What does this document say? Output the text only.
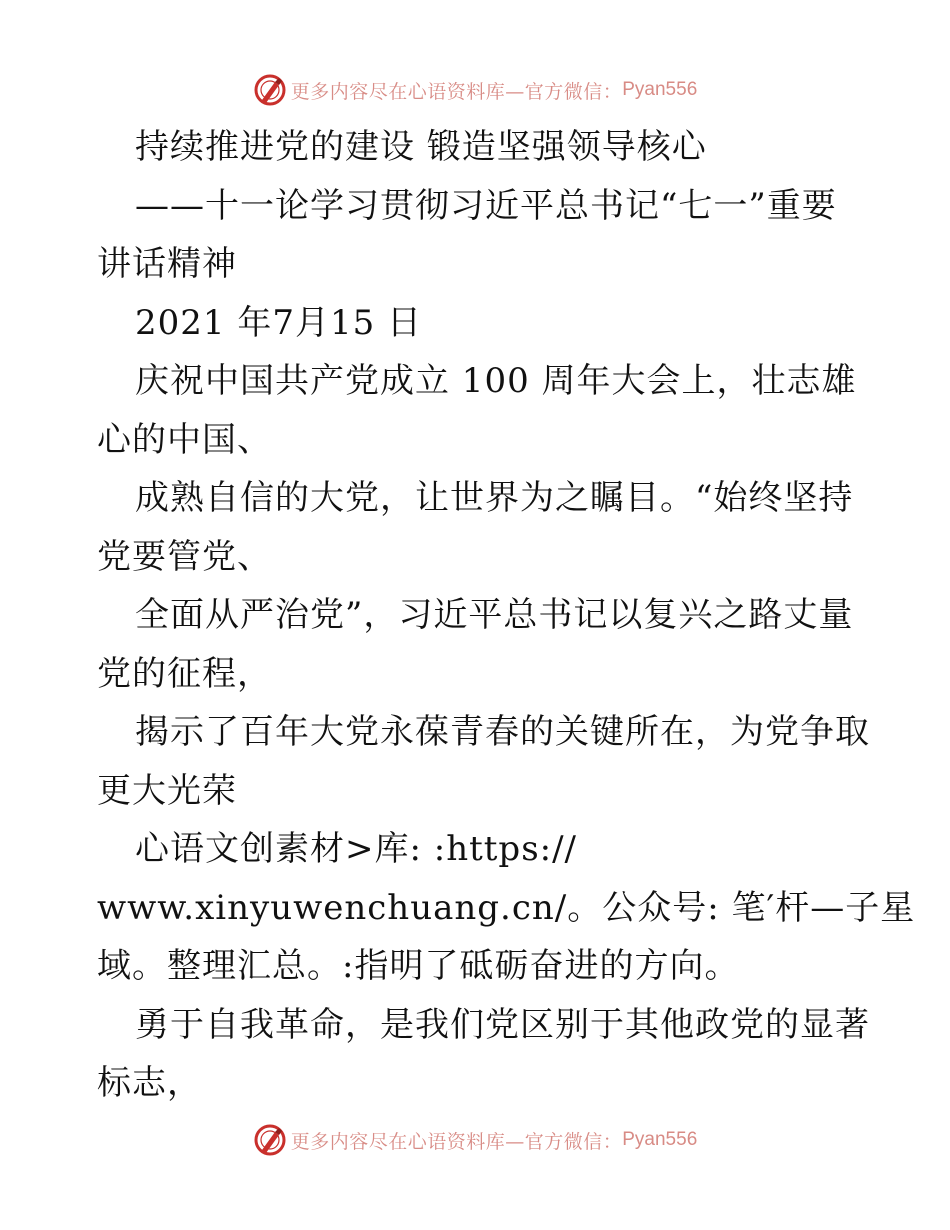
更多内容尽在心语资料库—官方微信： Pyan556
持续推进党的建设 锻造坚强领导核心
——十一论学习贯彻习近平总书记“七一”重要
讲话精神
2021 年7月15 日
庆祝中国共产党成立 100 周年大会上，壮志雄
心的中国、
成熟自信的大党，让世界为之瞩目。“始终坚持
党要管党、
全面从严治党”，习近平总书记以复兴之路丈量
党的征程，
揭示了百年大党永葆青春的关键所在，为党争取
更大光荣
心语文创素材>库: :https://
www.xinyuwenchuang.cn/。公众号: 笔′杆—子星
域。整理汇总。:指明了砥砺奋进的方向。
勇于自我革命，是我们党区别于其他政党的显著
标志，
更多内容尽在心语资料库—官方微信： Pyan556
